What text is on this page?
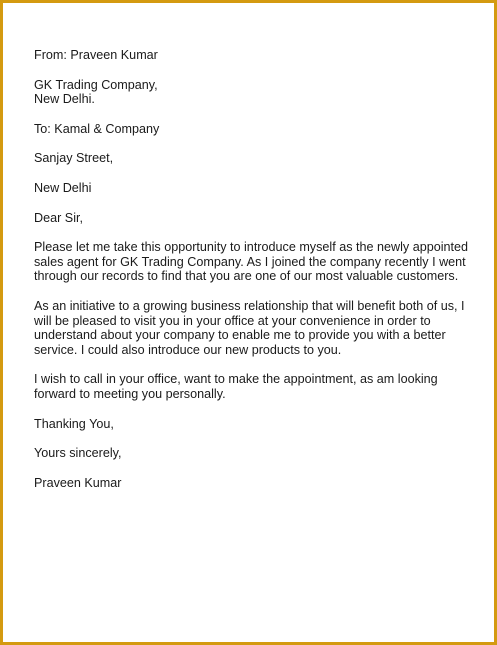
From: Praveen Kumar
GK Trading Company,
New Delhi.
To: Kamal & Company
Sanjay Street,
New Delhi
Dear Sir,
Please let me take this opportunity to introduce myself as the newly appointed sales agent for GK Trading Company. As I joined the company recently I went through our records to find that you are one of our most valuable customers.
As an initiative to a growing business relationship that will benefit both of us, I will be pleased to visit you in your office at your convenience in order to understand about your company to enable me to provide you with a better service. I could also introduce our new products to you.
I wish to call in your office, want to make the appointment, as am looking forward to meeting you personally.
Thanking You,
Yours sincerely,
Praveen Kumar
